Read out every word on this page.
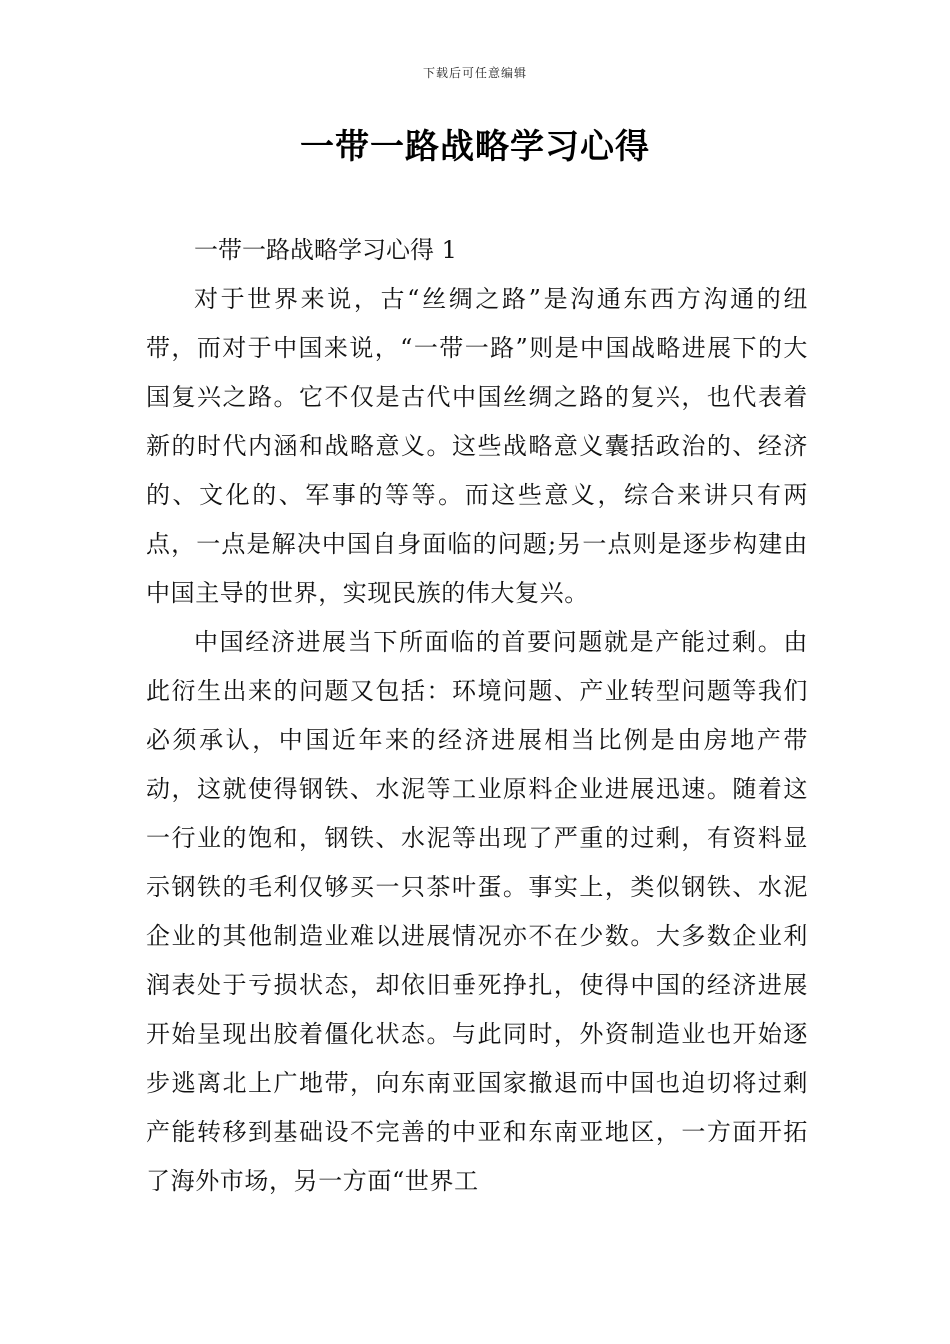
下载后可任意编辑
一带一路战略学习心得

一带一路战略学习心得 1

对于世界来说，古“丝绸之路”是沟通东西方沟通的纽带，而对于中国来说，“一带一路”则是中国战略进展下的大国复兴之路。它不仅是古代中国丝绸之路的复兴，也代表着新的时代内涵和战略意义。这些战略意义囊括政治的、经济的、文化的、军事的等等。而这些意义，综合来讲只有两点，一点是解决中国自身面临的问题;另一点则是逐步构建由中国主导的世界，实现民族的伟大复兴。

中国经济进展当下所面临的首要问题就是产能过剩。由此衍生出来的问题又包括：环境问题、产业转型问题等我们必须承认，中国近年来的经济进展相当比例是由房地产带动，这就使得钢铁、水泥等工业原料企业进展迅速。随着这一行业的饱和，钢铁、水泥等出现了严重的过剩，有资料显示钢铁的毛利仅够买一只茶叶蛋。事实上，类似钢铁、水泥企业的其他制造业难以进展情况亦不在少数。大多数企业利润表处于亏损状态，却依旧垂死挣扎，使得中国的经济进展开始呈现出胶着僵化状态。与此同时，外资制造业也开始逐步逃离北上广地带，向东南亚国家撤退而中国也迫切将过剩产能转移到基础设不完善的中亚和东南亚地区，一方面开拓了海外市场，另一方面“世界工
